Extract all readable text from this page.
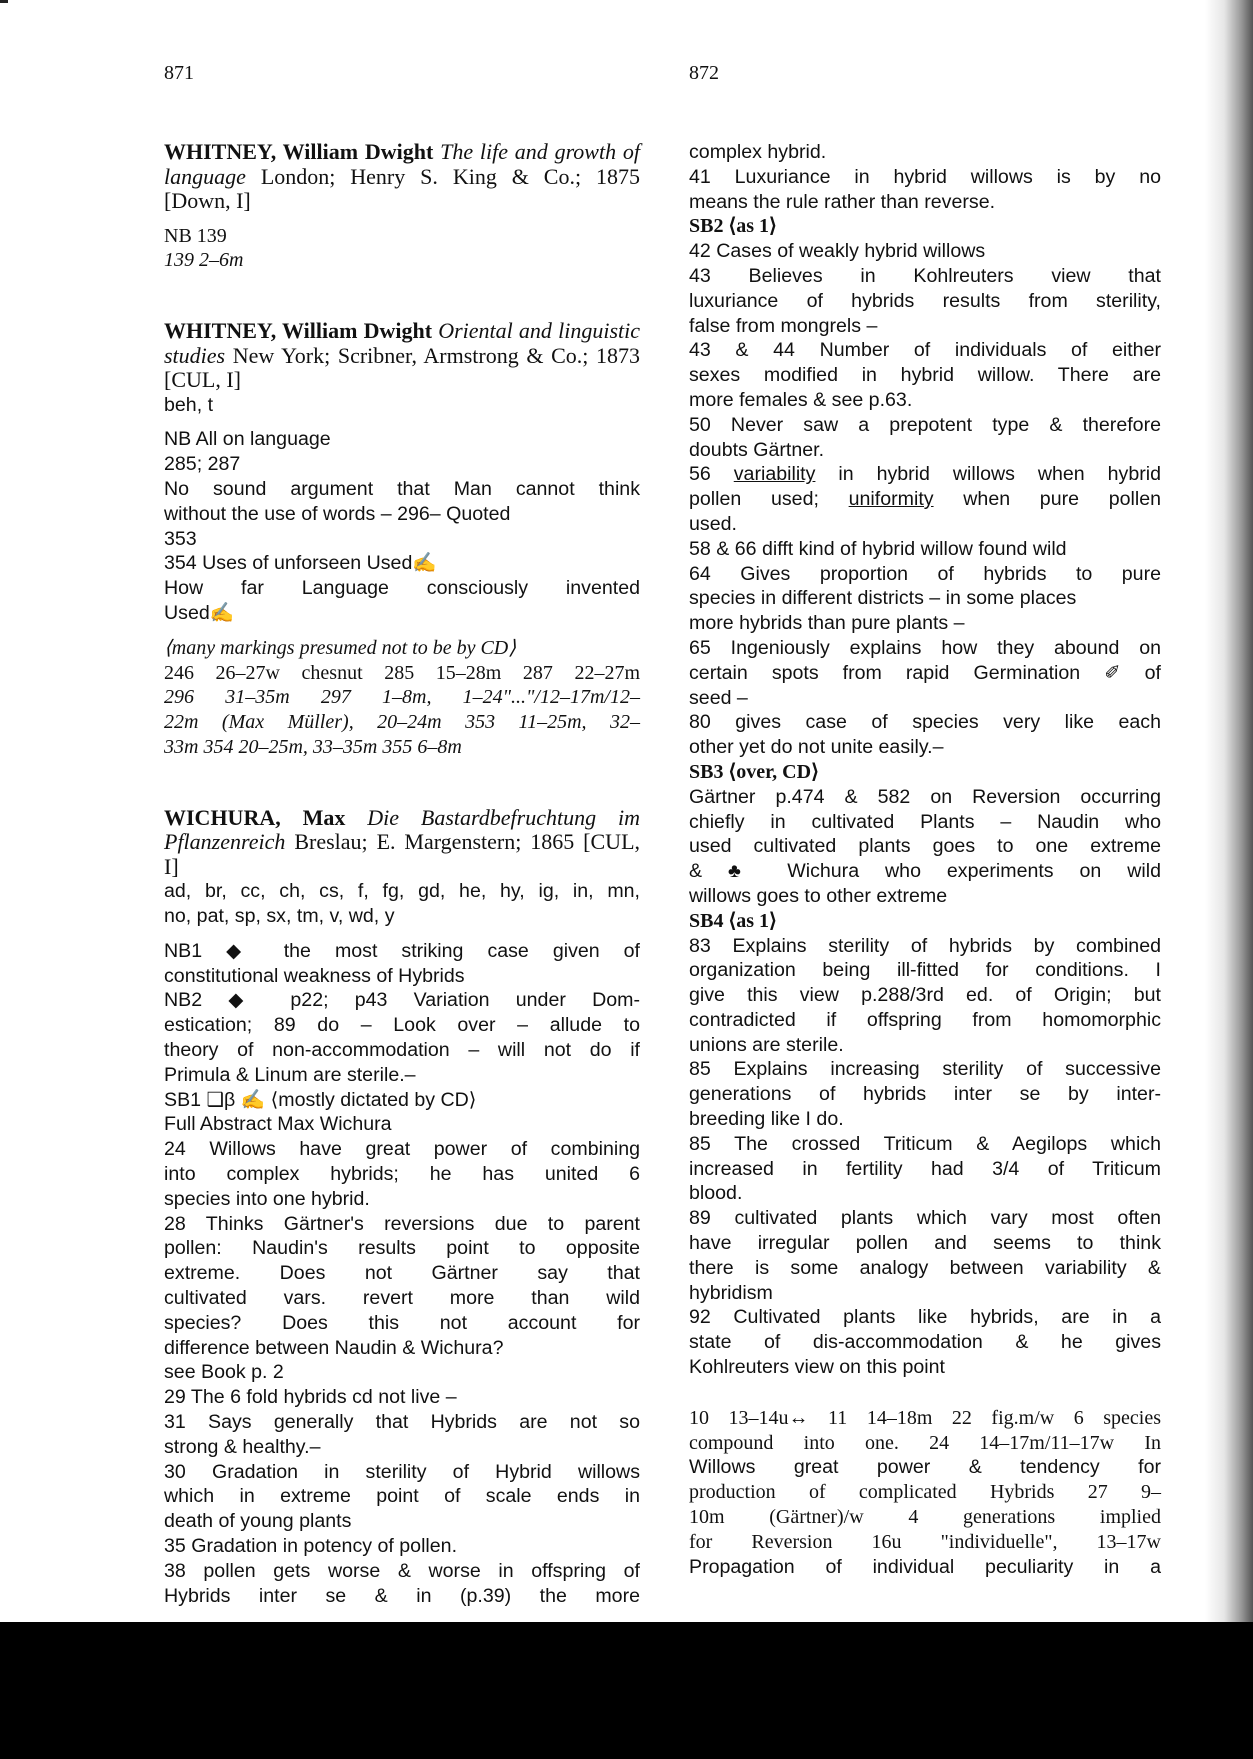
871	872

WHITNEY, William Dwight The life and growth of language London; Henry S. King & Co.; 1875 [Down, I]

NB 139

139 2–6m

WHITNEY, William Dwight Oriental and linguistic studies New York; Scribner, Armstrong & Co.; 1873 [CUL, I]

beh, t

NB All on language

285; 287

No sound argument that Man cannot think

without the use of words – 296– Quoted

353

354 Uses of unforseen Used✍

How far Language consciously invented

Used✍

⟨many markings presumed not to be by CD⟩

246 26–27w chesnut 285 15–28m 287 22–27m

296 31–35m 297 1–8m, 1–24"..."/12–17m/12–

22m (Max Müller), 20–24m 353 11–25m, 32–

33m 354 20–25m, 33–35m 355 6–8m

WICHURA, Max Die Bastardbefruchtung im Pflanzenreich Breslau; E. Margenstern; 1865 [CUL, I]

ad, br, cc, ch, cs, f, fg, gd, he, hy, ig, in, mn,

no, pat, sp, sx, tm, v, wd, y

NB1 ◆ the most striking case given of

constitutional weakness of Hybrids

NB2 ◆ p22; p43 Variation under Dom-

estication; 89 do – Look over – allude to

theory of non-accommodation – will not do if

Primula & Linum are sterile.–

SB1 ❑β ✍ ⟨mostly dictated by CD⟩

Full Abstract Max Wichura

24 Willows have great power of combining

into complex hybrids; he has united 6

species into one hybrid.

28 Thinks Gärtner's reversions due to parent

pollen: Naudin's results point to opposite

extreme. Does not Gärtner say that

cultivated vars. revert more than wild

species? Does this not account for

difference between Naudin & Wichura?

see Book p. 2

29 The 6 fold hybrids cd not live –

31 Says generally that Hybrids are not so

strong & healthy.–

30 Gradation in sterility of Hybrid willows

which in extreme point of scale ends in

death of young plants

35 Gradation in potency of pollen.

38 pollen gets worse & worse in offspring of

Hybrids inter se & in (p.39) the more

complex hybrid.

41 Luxuriance in hybrid willows is by no

means the rule rather than reverse.

SB2 ⟨as 1⟩

42 Cases of weakly hybrid willows

43 Believes in Kohlreuters view that

luxuriance of hybrids results from sterility,

false from mongrels –

43 & 44 Number of individuals of either

sexes modified in hybrid willow. There are

more females & see p.63.

50 Never saw a prepotent type & therefore

doubts Gärtner.

56 variability in hybrid willows when hybrid

pollen used; uniformity when pure pollen

used.

58 & 66 difft kind of hybrid willow found wild

64 Gives proportion of hybrids to pure

species in different districts – in some places

more hybrids than pure plants –

65 Ingeniously explains how they abound on

certain spots from rapid Germination ✐ of

seed –

80 gives case of species very like each

other yet do not unite easily.–

SB3 ⟨over, CD⟩

Gärtner p.474 & 582 on Reversion occurring

chiefly in cultivated Plants – Naudin who

used cultivated plants goes to one extreme

& ♣ Wichura who experiments on wild

willows goes to other extreme

SB4 ⟨as 1⟩

83 Explains sterility of hybrids by combined

organization being ill-fitted for conditions. I

give this view p.288/3rd ed. of Origin; but

contradicted if offspring from homomorphic

unions are sterile.

85 Explains increasing sterility of successive

generations of hybrids inter se by inter-

breeding like I do.

85 The crossed Triticum & Aegilops which

increased in fertility had 3/4 of Triticum

blood.

89 cultivated plants which vary most often

have irregular pollen and seems to think

there is some analogy between variability &

hybridism

92 Cultivated plants like hybrids, are in a

state of dis-accommodation & he gives

Kohlreuters view on this point

10 13–14u↔ 11 14–18m 22 fig.m/w 6 species

compound into one. 24 14–17m/11–17w In

Willows great power & tendency for

production of complicated Hybrids 27 9–

10m (Gärtner)/w 4 generations implied

for Reversion 16u "individuelle", 13–17w

Propagation of individual peculiarity in a
